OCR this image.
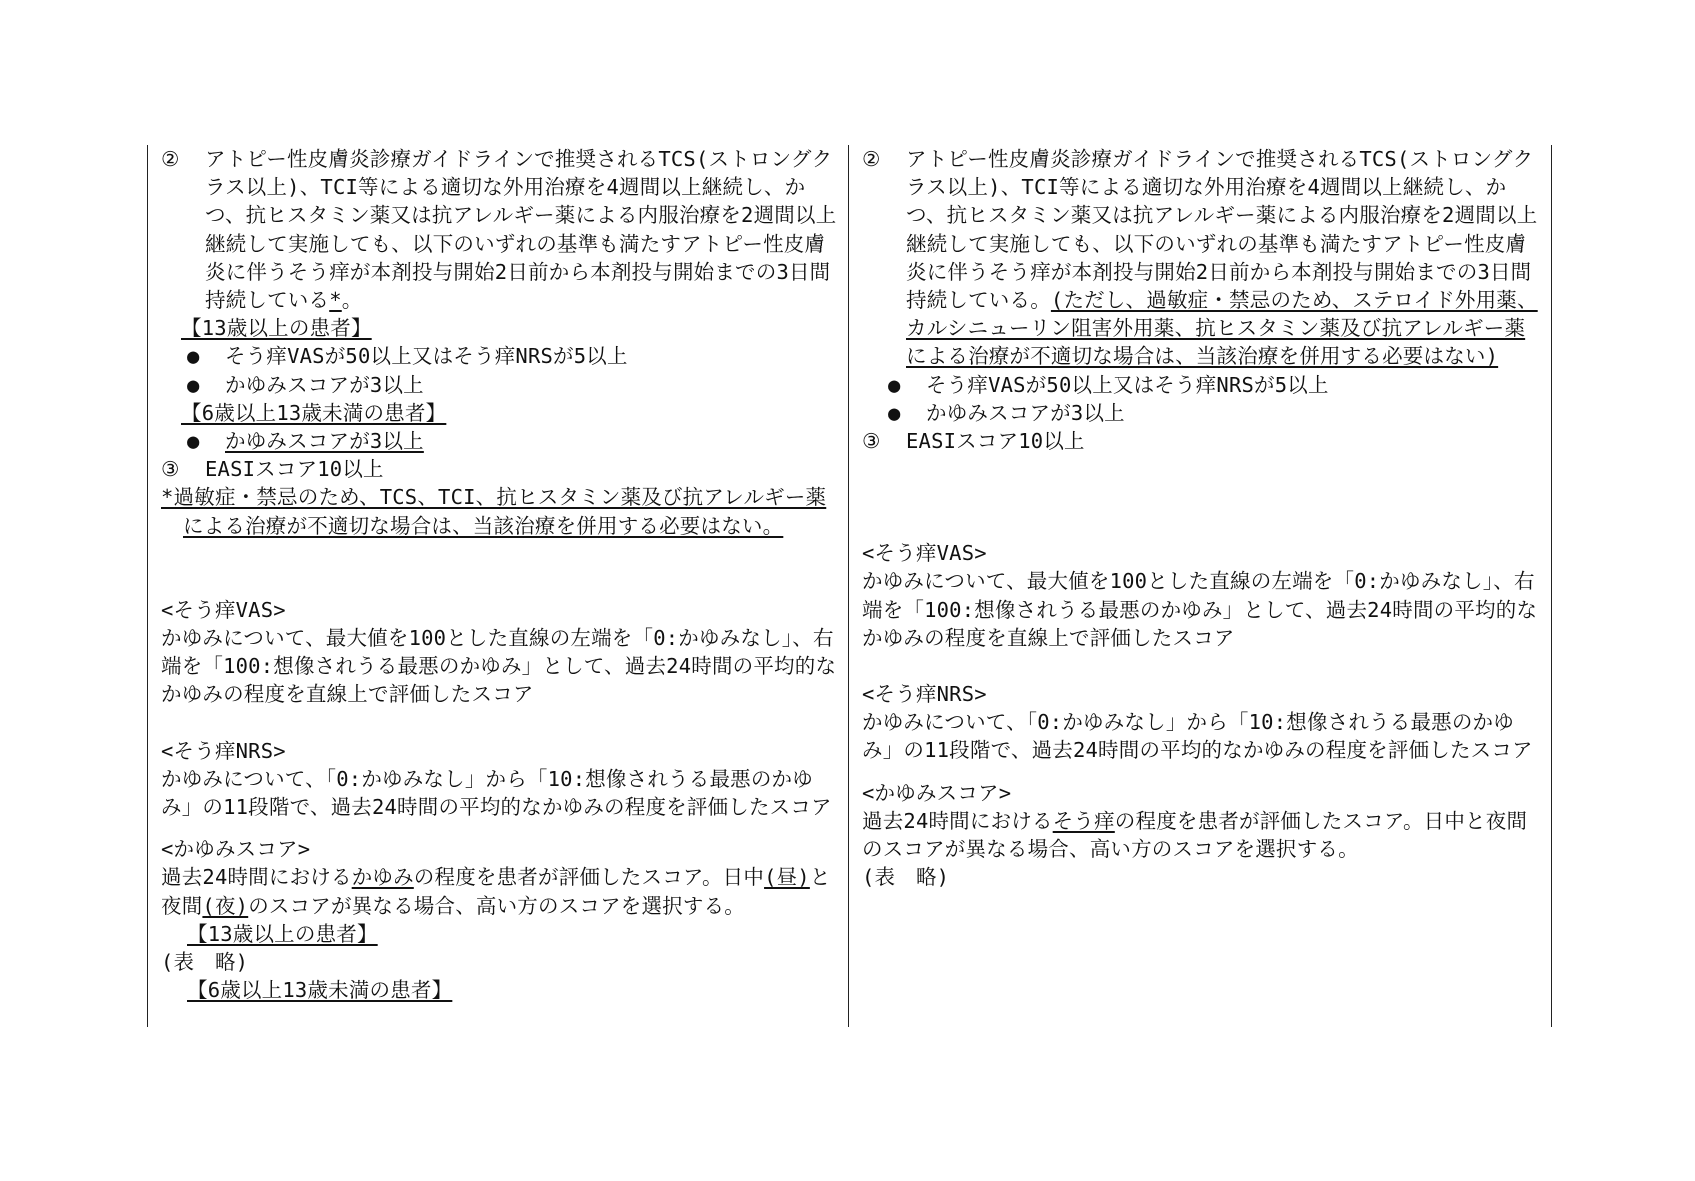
② アトピー性皮膚炎診療ガイドラインで推奨されるTCS(ストロングクラス以上)、TCI等による適切な外用治療を4週間以上継続し、かつ、抗ヒスタミン薬又は抗アレルギー薬による内服治療を2週間以上継続して実施しても、以下のいずれの基準も満たすアトピー性皮膚炎に伴うそう痒が本剤投与開始2日前から本剤投与開始までの3日間持続している*。

【13歳以上の患者】

● そう痒VASが50以上又はそう痒NRSが5以上

● かゆみスコアが3以上

【6歳以上13歳未満の患者】

● かゆみスコアが3以上

③ EASIスコア10以上

*過敏症・禁忌のため、TCS、TCI、抗ヒスタミン薬及び抗アレルギー薬による治療が不適切な場合は、当該治療を併用する必要はない。

<そう痒VAS>

かゆみについて、最大値を100とした直線の左端を「0:かゆみなし」、右端を「100:想像されうる最悪のかゆみ」として、過去24時間の平均的なかゆみの程度を直線上で評価したスコア

<そう痒NRS>

かゆみについて、「0:かゆみなし」から「10:想像されうる最悪のかゆみ」の11段階で、過去24時間の平均的なかゆみの程度を評価したスコア

<かゆみスコア>

過去24時間におけるかゆみの程度を患者が評価したスコア。日中(昼)と夜間(夜)のスコアが異なる場合、高い方のスコアを選択する。

【13歳以上の患者】

(表　略)

【6歳以上13歳未満の患者】

② アトピー性皮膚炎診療ガイドラインで推奨されるTCS(ストロングクラス以上)、TCI等による適切な外用治療を4週間以上継続し、かつ、抗ヒスタミン薬又は抗アレルギー薬による内服治療を2週間以上継続して実施しても、以下のいずれの基準も満たすアトピー性皮膚炎に伴うそう痒が本剤投与開始2日前から本剤投与開始までの3日間持続している。(ただし、過敏症・禁忌のため、ステロイド外用薬、カルシニューリン阻害外用薬、抗ヒスタミン薬及び抗アレルギー薬による治療が不適切な場合は、当該治療を併用する必要はない)

● そう痒VASが50以上又はそう痒NRSが5以上

● かゆみスコアが3以上

③ EASIスコア10以上

<そう痒VAS>

かゆみについて、最大値を100とした直線の左端を「0:かゆみなし」、右端を「100:想像されうる最悪のかゆみ」として、過去24時間の平均的なかゆみの程度を直線上で評価したスコア

<そう痒NRS>

かゆみについて、「0:かゆみなし」から「10:想像されうる最悪のかゆみ」の11段階で、過去24時間の平均的なかゆみの程度を評価したスコア

<かゆみスコア>

過去24時間におけるそう痒の程度を患者が評価したスコア。日中と夜間のスコアが異なる場合、高い方のスコアを選択する。

(表　略)
